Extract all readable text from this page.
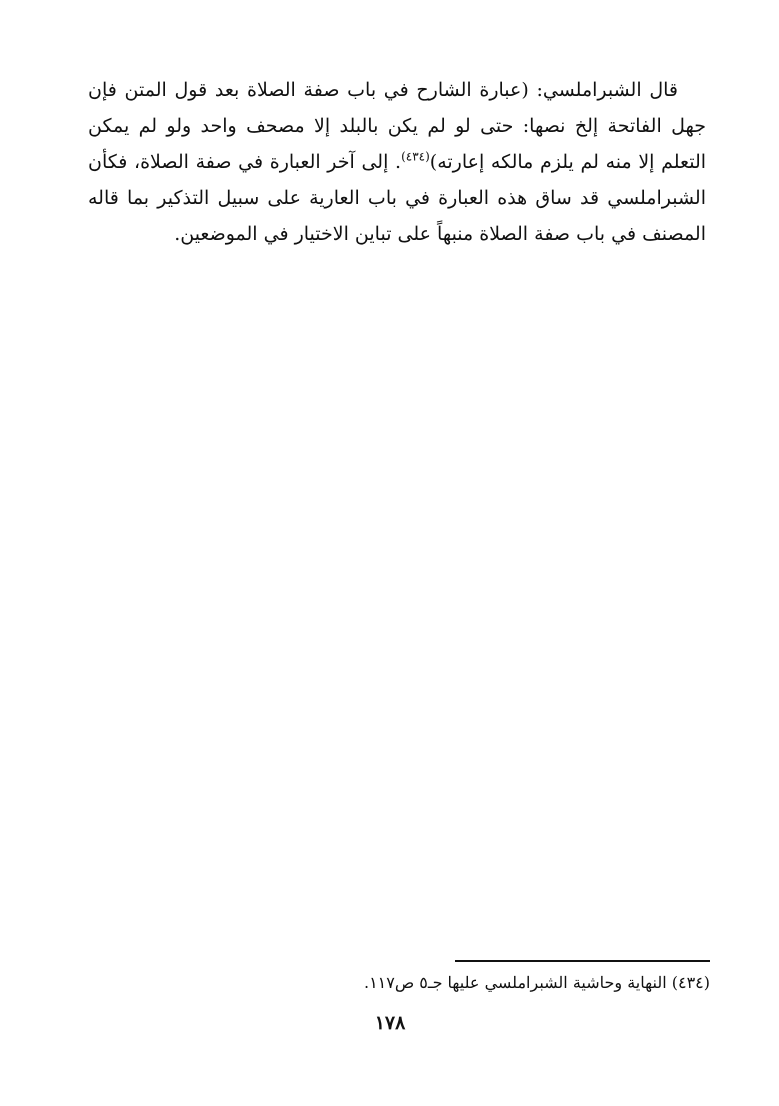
قال الشبراملسي: (عبارة الشارح في باب صفة الصلاة بعد قول المتن فإن جهل الفاتحة إلخ نصها: حتى لو لم يكن بالبلد إلا مصحف واحد ولو لم يمكن التعلم إلا منه لم يلزم مالكه إعارته)$^{(٤٣٤)}$. إلى آخر العبارة في صفة الصلاة، فكأن الشبراملسي قد ساق هذه العبارة في باب العارية على سبيل التذكير بما قاله المصنف في باب صفة الصلاة منبهاً على تباين الاختيار في الموضعين.

(٤٣٤) النهاية وحاشية الشبراملسي عليها جـ٥ ص١١٧.
١٧٨
